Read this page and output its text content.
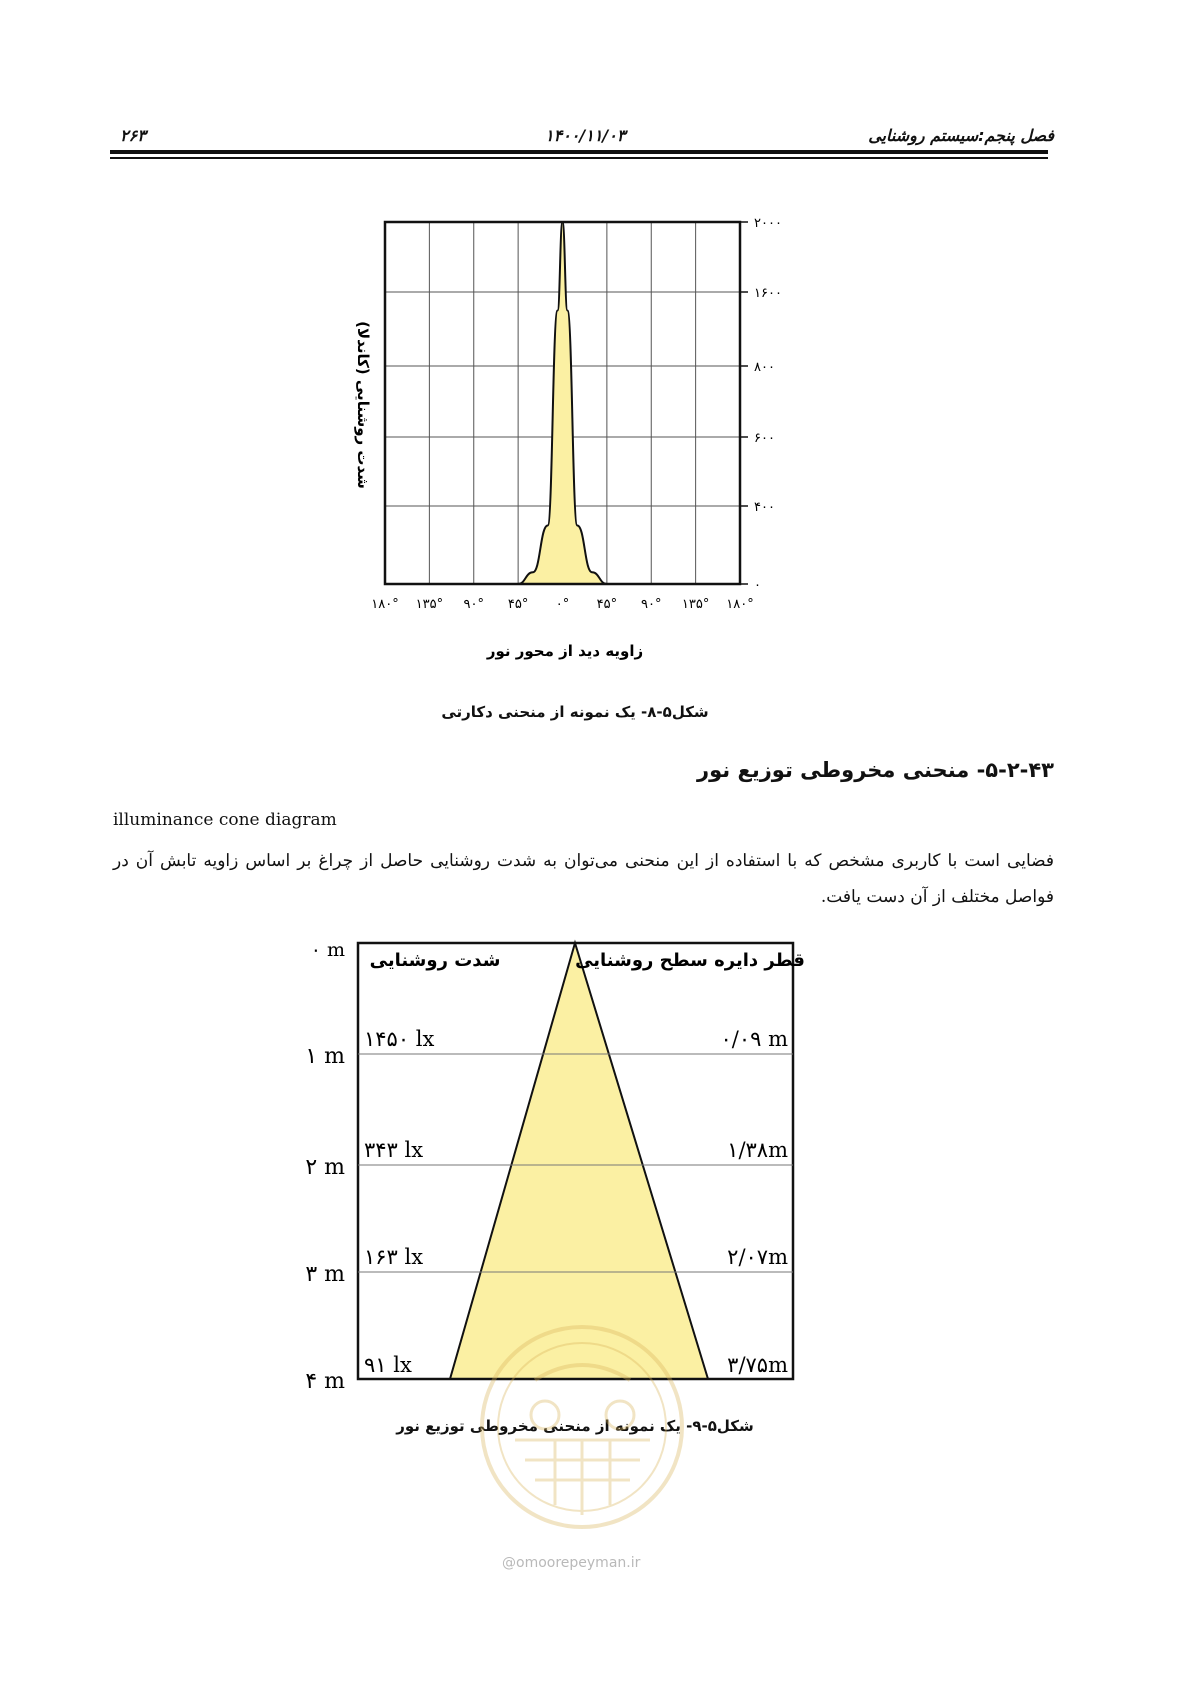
فصل پنجم:سیستم روشنایی
۱۴۰۰/۱۱/۰۳
۲۶۳
۲۰۰۰
۱۶۰۰
۸۰۰
۶۰۰
۴۰۰
۰
۱۸۰° ۱۳۵° ۹۰° ۴۵° ۰° ۴۵° ۹۰° ۱۳۵° ۱۸۰°
شدت روشنایی (کاندلا)
زاویه دید از محور نور
شکل۵-۸- یک نمونه از منحنی دکارتی
۵-۲-۴۳- منحنی مخروطی توزیع نور
illuminance cone diagram
فضایی است با کاربری مشخص که با استفاده از این منحنی می‌توان به شدت روشنایی حاصل از چراغ بر اساس زاویه تابش آن در فواصل مختلف از آن دست یافت.
شدت روشنایی	قطر دایره سطح روشنایی
۰ m
۱ m
۲ m
۳ m
۴ m
۱۴۵۰ lx
۳۴۳ lx
۱۶۳ lx
۹۱ lx
۰/۰۹ m
۱/۳۸m
۲/۰۷m
۳/۷۵m
شکل۵-۹- یک نمونه از منحنی مخروطی توزیع نور
@omoorepeyman.ir
